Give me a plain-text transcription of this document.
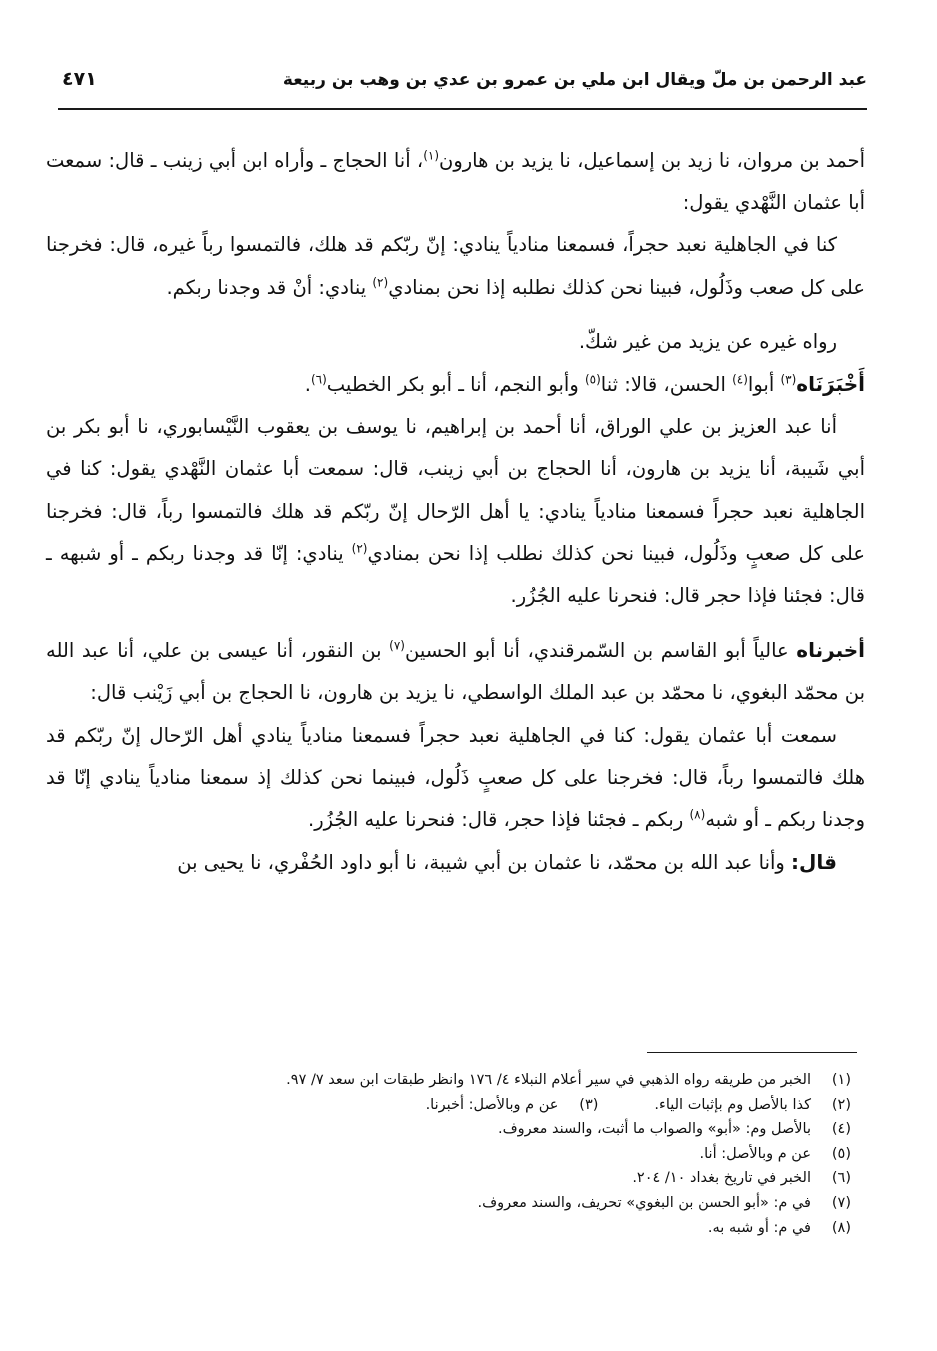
عبد الرحمن بن ملّ ويقال ابن ملي بن عمرو بن عدي بن وهب بن ربيعة
٤٧١

أحمد بن مروان، نا زيد بن إسماعيل، نا يزيد بن هارون$^{(١)}$، أنا الحجاج ـ وأراه ابن أبي زينب ـ قال: سمعت أبا عثمان النَّهْدي يقول:

كنا في الجاهلية نعبد حجراً، فسمعنا منادياً ينادي: إنّ ربّكم قد هلك، فالتمسوا رباً غيره، قال: فخرجنا على كل صعب وذَلُول، فبينا نحن كذلك نطلبه إذا نحن بمنادي$^{(٢)}$ ينادي: أنْ قد وجدنا ربكم.

رواه غيره عن يزيد من غير شكّ.

أَخْبَرَنَاه$^{(٣)}$ أبوا$^{(٤)}$ الحسن، قالا: ثنا$^{(٥)}$ وأبو النجم، أنا ـ أبو بكر الخطيب$^{(٦)}$.

أنا عبد العزيز بن علي الوراق، أنا أحمد بن إبراهيم، نا يوسف بن يعقوب النَّيْسابوري، نا أبو بكر بن أبي شَيبة، أنا يزيد بن هارون، أنا الحجاج بن أبي زينب، قال: سمعت أبا عثمان النَّهْدي يقول: كنا في الجاهلية نعبد حجراً فسمعنا منادياً ينادي: يا أهل الرّحال إنّ ربّكم قد هلك فالتمسوا رباً، قال: فخرجنا على كل صعبٍ وذَلُول، فبينا نحن كذلك نطلب إذا نحن بمنادي$^{(٢)}$ ينادي: إنّا قد وجدنا ربكم ـ أو شبهه ـ قال: فجئنا فإذا حجر قال: فنحرنا عليه الجُزُر.

أخبرناه عالياً أبو القاسم بن السّمرقندي، أنا أبو الحسين$^{(٧)}$ بن النقور، أنا عيسى بن علي، أنا عبد الله بن محمّد البغوي، نا محمّد بن عبد الملك الواسطي، نا يزيد بن هارون، نا الحجاج بن أبي زَيْنب قال:

سمعت أبا عثمان يقول: كنا في الجاهلية نعبد حجراً فسمعنا منادياً ينادي أهل الرّحال إنّ ربّكم قد هلك فالتمسوا رباً، قال: فخرجنا على كل صعبٍ ذَلُول، فبينما نحن كذلك إذ سمعنا منادياً ينادي إنّا قد وجدنا ربكم ـ أو شبه$^{(٨)}$ ربكم ـ فجئنا فإذا حجر، قال: فنحرنا عليه الجُزُر.

قال: وأنا عبد الله بن محمّد، نا عثمان بن أبي شيبة، نا أبو داود الحُفْري، نا يحيى بن

(١)الخبر من طريقه رواه الذهبي في سير أعلام النبلاء ٤/ ١٧٦ وانظر طبقات ابن سعد ٧/ ٩٧.
(٢)كذا بالأصل وم بإثبات الياء.(٣)عن م وبالأصل: أخبرنا.
(٤)بالأصل وم: «أبو» والصواب ما أثبت، والسند معروف.
(٥)عن م وبالأصل: أنا.
(٦)الخبر في تاريخ بغداد ١٠/ ٢٠٤.
(٧)في م: «أبو الحسن بن البغوي» تحريف، والسند معروف.
(٨)في م: أو شبه به.
